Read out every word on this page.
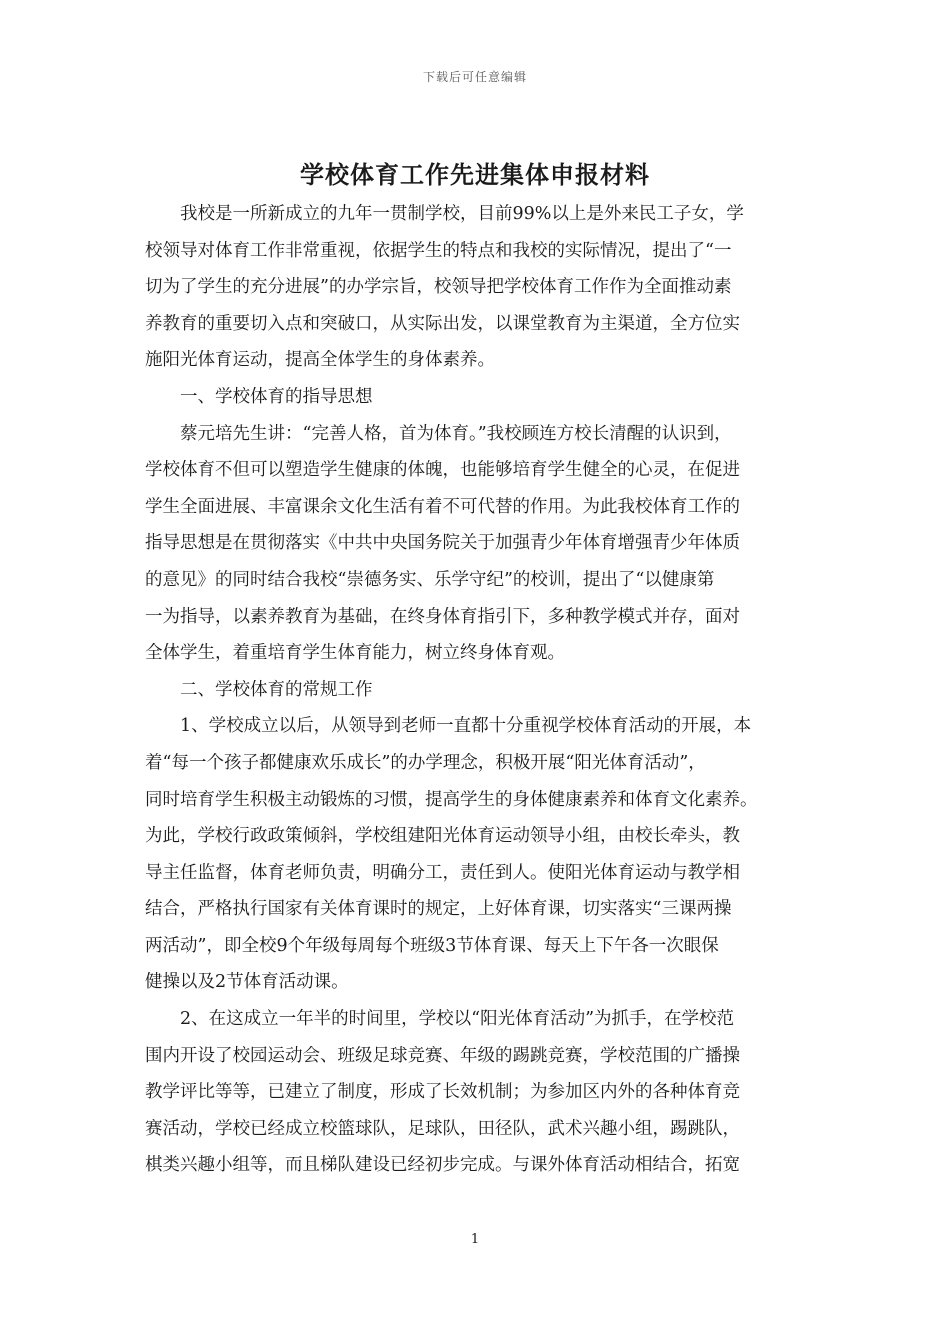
下载后可任意编辑
学校体育工作先进集体申报材料
　　我校是一所新成立的九年一贯制学校，目前99%以上是外来民工子女，学
校领导对体育工作非常重视，依据学生的特点和我校的实际情况，提出了“一
切为了学生的充分进展”的办学宗旨，校领导把学校体育工作作为全面推动素
养教育的重要切入点和突破口，从实际出发，以课堂教育为主渠道，全方位实
施阳光体育运动，提高全体学生的身体素养。
　　一、学校体育的指导思想
　　蔡元培先生讲：“完善人格，首为体育。”我校顾连方校长清醒的认识到，
学校体育不但可以塑造学生健康的体魄，也能够培育学生健全的心灵，在促进
学生全面进展、丰富课余文化生活有着不可代替的作用。为此我校体育工作的
指导思想是在贯彻落实《中共中央国务院关于加强青少年体育增强青少年体质
的意见》的同时结合我校“崇德务实、乐学守纪”的校训，提出了“以健康第
一为指导，以素养教育为基础，在终身体育指引下，多种教学模式并存，面对
全体学生，着重培育学生体育能力，树立终身体育观。
　　二、学校体育的常规工作
　　1、学校成立以后，从领导到老师一直都十分重视学校体育活动的开展，本
着“每一个孩子都健康欢乐成长”的办学理念，积极开展“阳光体育活动”，
同时培育学生积极主动锻炼的习惯，提高学生的身体健康素养和体育文化素养。
为此，学校行政政策倾斜，学校组建阳光体育运动领导小组，由校长牵头，教
导主任监督，体育老师负责，明确分工，责任到人。使阳光体育运动与教学相
结合，严格执行国家有关体育课时的规定，上好体育课，切实落实“三课两操
两活动”，即全校9个年级每周每个班级3节体育课、每天上下午各一次眼保
健操以及2节体育活动课。
　　2、在这成立一年半的时间里，学校以“阳光体育活动”为抓手，在学校范
围内开设了校园运动会、班级足球竞赛、年级的踢跳竞赛，学校范围的广播操
教学评比等等，已建立了制度，形成了长效机制；为参加区内外的各种体育竞
赛活动，学校已经成立校篮球队，足球队，田径队，武术兴趣小组，踢跳队，
棋类兴趣小组等，而且梯队建设已经初步完成。与课外体育活动相结合，拓宽
1
